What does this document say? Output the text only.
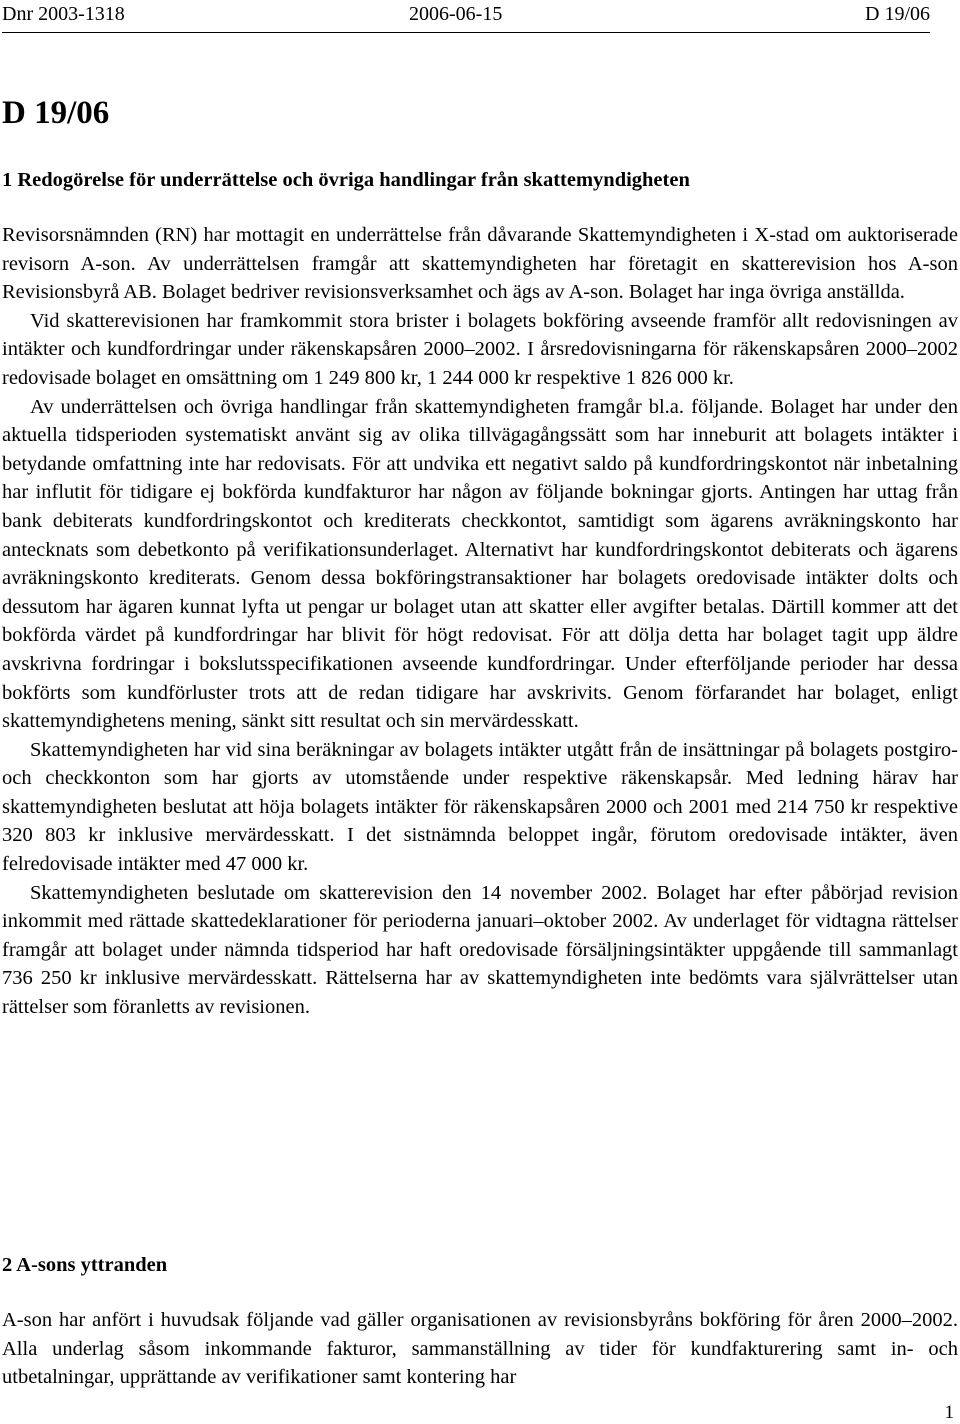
Dnr 2003-1318	2006-06-15	D 19/06
D 19/06
1 Redogörelse för underrättelse och övriga handlingar från skattemyndigheten

Revisorsnämnden (RN) har mottagit en underrättelse från dåvarande Skattemyndigheten i X-stad om auktoriserade revisorn A-son. Av underrättelsen framgår att skattemyndigheten har företagit en skatterevision hos A-son Revisionsbyrå AB. Bolaget bedriver revisionsverksamhet och ägs av A-son. Bolaget har inga övriga anställda.

Vid skatterevisionen har framkommit stora brister i bolagets bokföring avseende framför allt redovisningen av intäkter och kundfordringar under räkenskapsåren 2000–2002. I årsredovisningarna för räkenskapsåren 2000–2002 redovisade bolaget en omsättning om 1 249 800 kr, 1 244 000 kr respektive 1 826 000 kr.

Av underrättelsen och övriga handlingar från skattemyndigheten framgår bl.a. följande. Bolaget har under den aktuella tidsperioden systematiskt använt sig av olika tillvägagångssätt som har inneburit att bolagets intäkter i betydande omfattning inte har redovisats. För att undvika ett negativt saldo på kundfordringskontot när inbetalning har influtit för tidigare ej bokförda kundfakturor har någon av följande bokningar gjorts. Antingen har uttag från bank debiterats kundfordringskontot och krediterats checkkontot, samtidigt som ägarens avräkningskonto har antecknats som debetkonto på verifikationsunderlaget. Alternativt har kundfordringskontot debiterats och ägarens avräkningskonto krediterats. Genom dessa bokföringstransaktioner har bolagets oredovisade intäkter dolts och dessutom har ägaren kunnat lyfta ut pengar ur bolaget utan att skatter eller avgifter betalas. Därtill kommer att det bokförda värdet på kundfordringar har blivit för högt redovisat. För att dölja detta har bolaget tagit upp äldre avskrivna fordringar i bokslutsspecifikationen avseende kundfordringar. Under efterföljande perioder har dessa bokförts som kundförluster trots att de redan tidigare har avskrivits. Genom förfarandet har bolaget, enligt skattemyndighetens mening, sänkt sitt resultat och sin mervärdesskatt.

Skattemyndigheten har vid sina beräkningar av bolagets intäkter utgått från de insättningar på bolagets postgiro- och checkkonton som har gjorts av utomstående under respektive räkenskapsår. Med ledning härav har skattemyndigheten beslutat att höja bolagets intäkter för räkenskapsåren 2000 och 2001 med 214 750 kr respektive 320 803 kr inklusive mervärdesskatt. I det sistnämnda beloppet ingår, förutom oredovisade intäkter, även felredovisade intäkter med 47 000 kr.

Skattemyndigheten beslutade om skatterevision den 14 november 2002. Bolaget har efter påbörjad revision inkommit med rättade skattedeklarationer för perioderna januari–oktober 2002. Av underlaget för vidtagna rättelser framgår att bolaget under nämnda tidsperiod har haft oredovisade försäljningsintäkter uppgående till sammanlagt 736 250 kr inklusive mervärdesskatt. Rättelserna har av skattemyndigheten inte bedömts vara självrättelser utan rättelser som föranletts av revisionen.

2 A-sons yttranden

A-son har anfört i huvudsak följande vad gäller organisationen av revisionsbyråns bokföring för åren 2000–2002. Alla underlag såsom inkommande fakturor, sammanställning av tider för kundfakturering samt in- och utbetalningar, upprättande av verifikationer samt kontering har

1
